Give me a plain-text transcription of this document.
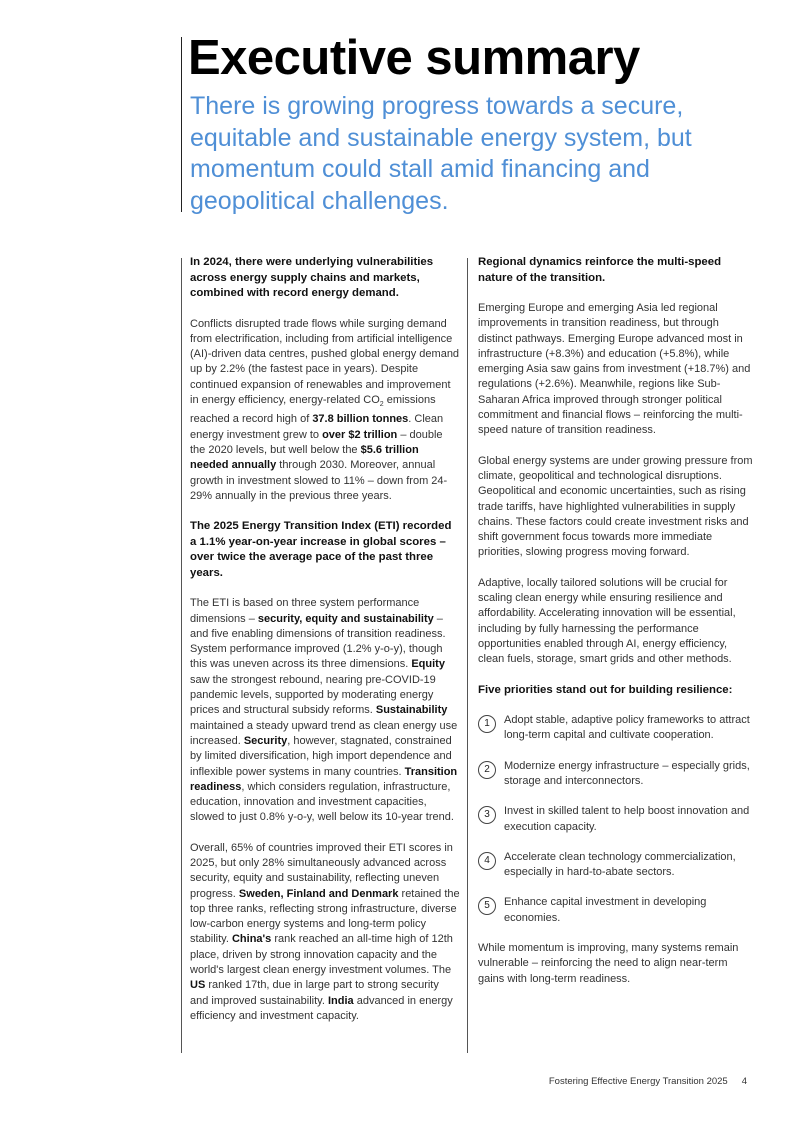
Executive summary
There is growing progress towards a secure, equitable and sustainable energy system, but momentum could stall amid financing and geopolitical challenges.
In 2024, there were underlying vulnerabilities across energy supply chains and markets, combined with record energy demand.

Conflicts disrupted trade flows while surging demand from electrification, including from artificial intelligence (AI)-driven data centres, pushed global energy demand up by 2.2% (the fastest pace in years). Despite continued expansion of renewables and improvement in energy efficiency, energy-related $CO_2$ emissions reached a record high of 37.8 billion tonnes. Clean energy investment grew to over $2 trillion – double the 2020 levels, but well below the $5.6 trillion needed annually through 2030. Moreover, annual growth in investment slowed to 11% – down from 24-29% annually in the previous three years.

The 2025 Energy Transition Index (ETI) recorded a 1.1% year-on-year increase in global scores – over twice the average pace of the past three years.

The ETI is based on three system performance dimensions – security, equity and sustainability – and five enabling dimensions of transition readiness. System performance improved (1.2% y-o-y), though this was uneven across its three dimensions. Equity saw the strongest rebound, nearing pre-COVID-19 pandemic levels, supported by moderating energy prices and structural subsidy reforms. Sustainability maintained a steady upward trend as clean energy use increased. Security, however, stagnated, constrained by limited diversification, high import dependence and inflexible power systems in many countries. Transition readiness, which considers regulation, infrastructure, education, innovation and investment capacities, slowed to just 0.8% y-o-y, well below its 10-year trend.

Overall, 65% of countries improved their ETI scores in 2025, but only 28% simultaneously advanced across security, equity and sustainability, reflecting uneven progress. Sweden, Finland and Denmark retained the top three ranks, reflecting strong infrastructure, diverse low-carbon energy systems and long-term policy stability. China's rank reached an all-time high of 12th place, driven by strong innovation capacity and the world's largest clean energy investment volumes. The US ranked 17th, due in large part to strong security and improved sustainability. India advanced in energy efficiency and investment capacity.

Regional dynamics reinforce the multi-speed nature of the transition.

Emerging Europe and emerging Asia led regional improvements in transition readiness, but through distinct pathways. Emerging Europe advanced most in infrastructure (+8.3%) and education (+5.8%), while emerging Asia saw gains from investment (+18.7%) and regulations (+2.6%). Meanwhile, regions like Sub-Saharan Africa improved through stronger political commitment and financial flows – reinforcing the multi-speed nature of transition readiness.

Global energy systems are under growing pressure from climate, geopolitical and technological disruptions. Geopolitical and economic uncertainties, such as rising trade tariffs, have highlighted vulnerabilities in supply chains. These factors could create investment risks and shift government focus towards more immediate priorities, slowing progress moving forward.

Adaptive, locally tailored solutions will be crucial for scaling clean energy while ensuring resilience and affordability. Accelerating innovation will be essential, including by fully harnessing the performance opportunities enabled through AI, energy efficiency, clean fuels, storage, smart grids and other methods.

Five priorities stand out for building resilience:
1	Adopt stable, adaptive policy frameworks to attract long-term capital and cultivate cooperation.
2	Modernize energy infrastructure – especially grids, storage and interconnectors.
3	Invest in skilled talent to help boost innovation and execution capacity.
4	Accelerate clean technology commercialization, especially in hard-to-abate sectors.
5	Enhance capital investment in developing economies.

While momentum is improving, many systems remain vulnerable – reinforcing the need to align near-term gains with long-term readiness.

Fostering Effective Energy Transition 2025 4
